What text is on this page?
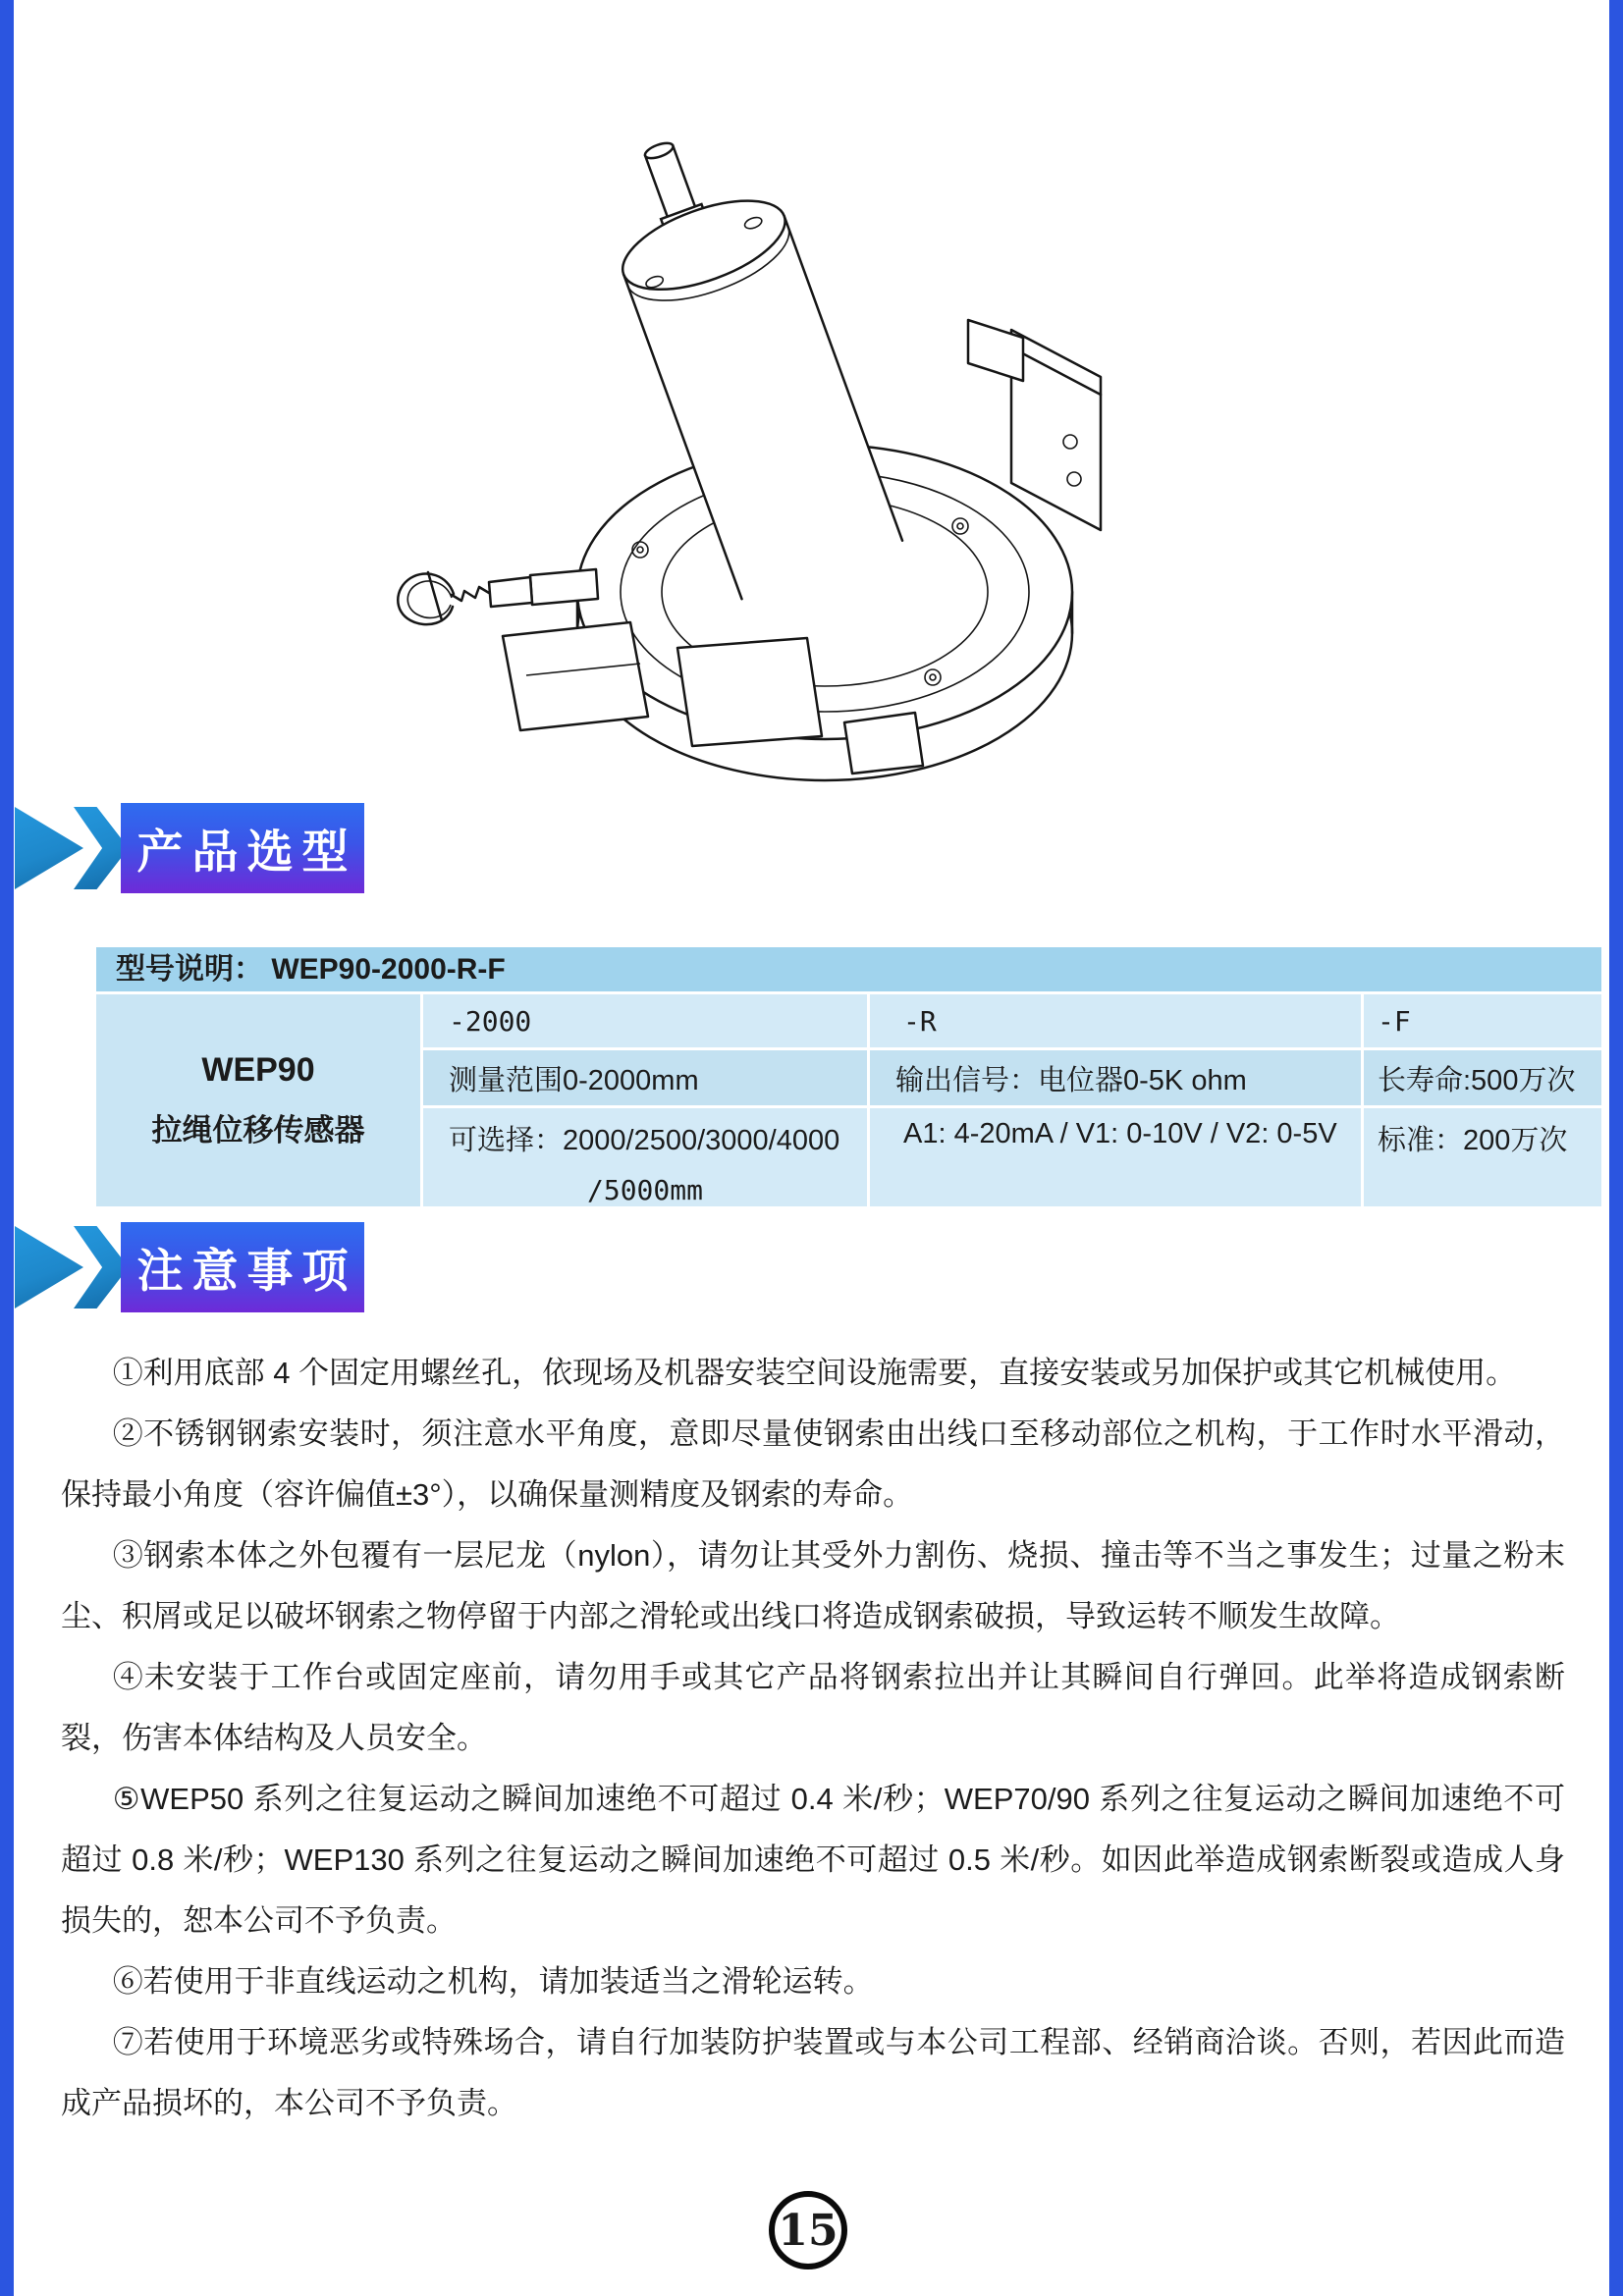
产品选型
型号说明： WEP90-2000-R-F
WEP90
拉绳位移传感器
-2000	-R	-F
测量范围0-2000mm	输出信号：电位器0-5K ohm	长寿命:500万次
可选择：2000/2500/3000/4000
/5000mm
A1: 4-20mA / V1: 0-10V / V2: 0-5V	标准：200万次
注意事项

①利用底部 4 个固定用螺丝孔，依现场及机器安装空间设施需要，直接安装或另加保护或其它机械使用。

②不锈钢钢索安装时，须注意水平角度，意即尽量使钢索由出线口至移动部位之机构，于工作时水平滑动，保持最小角度（容许偏值±3°），以确保量测精度及钢索的寿命。

③钢索本体之外包覆有一层尼龙（nylon），请勿让其受外力割伤、烧损、撞击等不当之事发生；过量之粉末尘、积屑或足以破坏钢索之物停留于内部之滑轮或出线口将造成钢索破损，导致运转不顺发生故障。

④未安装于工作台或固定座前，请勿用手或其它产品将钢索拉出并让其瞬间自行弹回。此举将造成钢索断裂，伤害本体结构及人员安全。

⑤WEP50 系列之往复运动之瞬间加速绝不可超过 0.4 米/秒；WEP70/90 系列之往复运动之瞬间加速绝不可超过 0.8 米/秒；WEP130 系列之往复运动之瞬间加速绝不可超过 0.5 米/秒。如因此举造成钢索断裂或造成人身损失的，恕本公司不予负责。

⑥若使用于非直线运动之机构，请加装适当之滑轮运转。

⑦若使用于环境恶劣或特殊场合，请自行加装防护装置或与本公司工程部、经销商洽谈。否则，若因此而造成产品损坏的，本公司不予负责。

15
